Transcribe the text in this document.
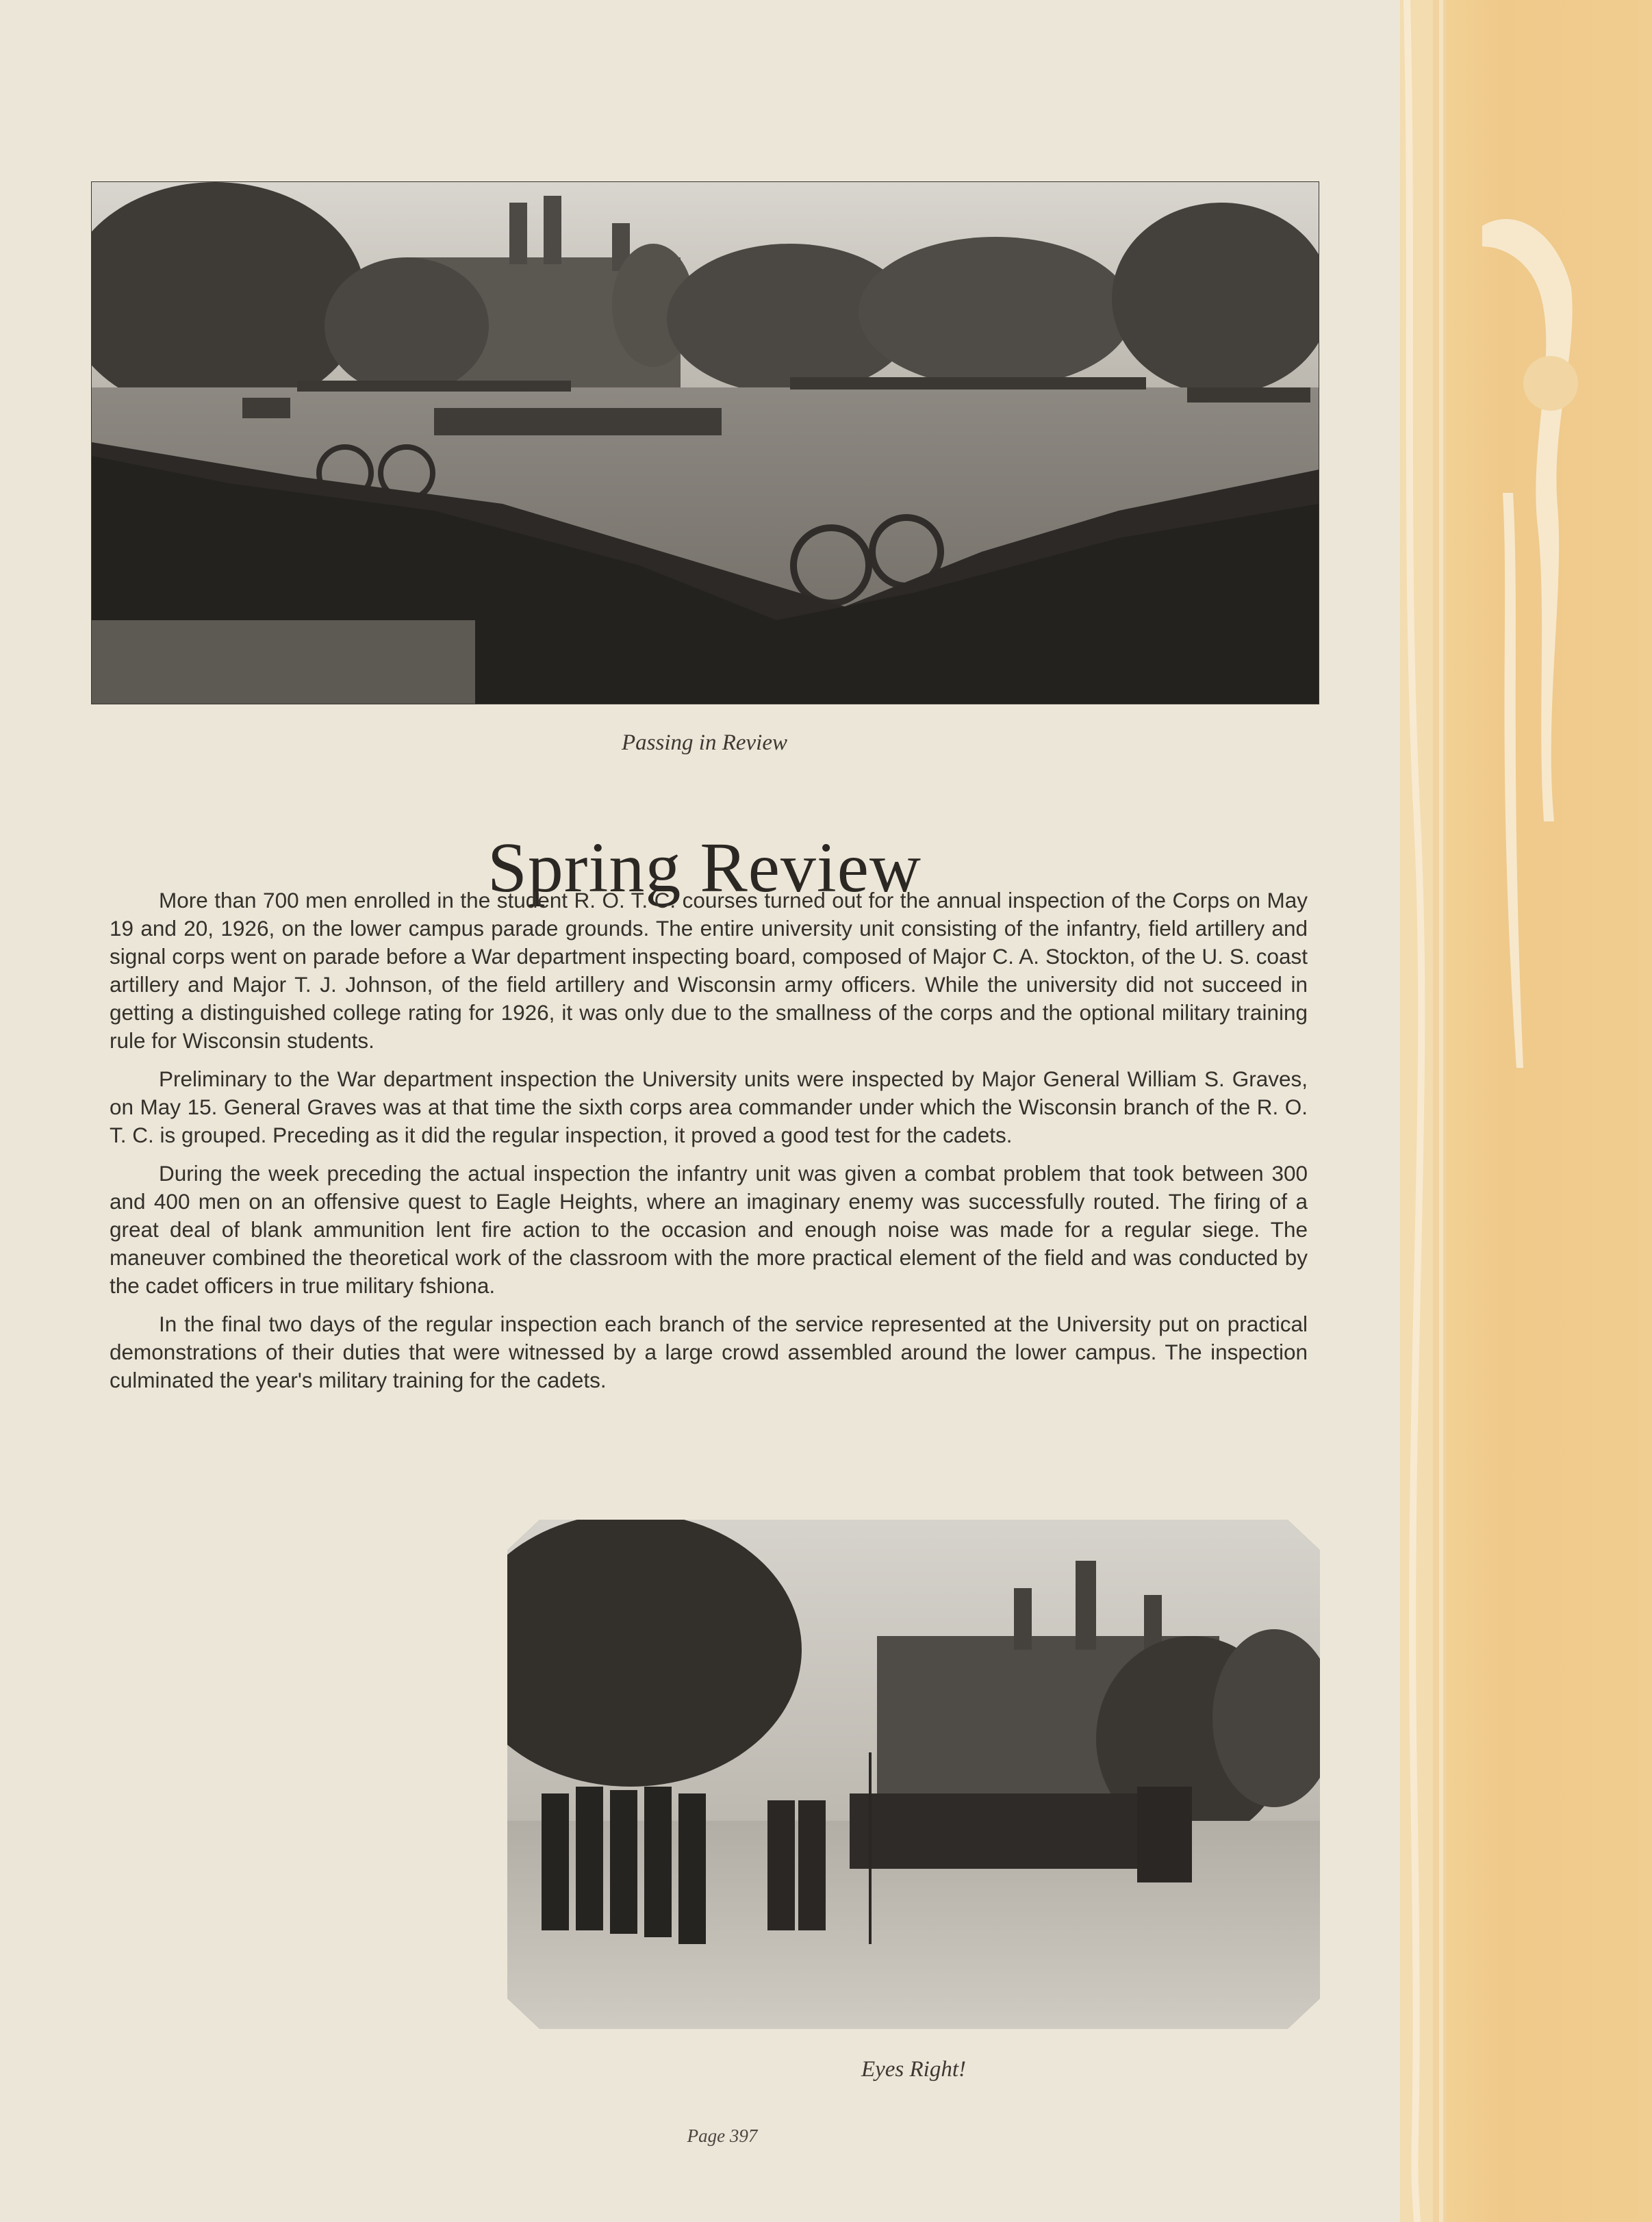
Passing in Review
Spring Review

More than 700 men enrolled in the student R. O. T. C. courses turned out for the annual inspection of the Corps on May 19 and 20, 1926, on the lower campus parade grounds. The entire university unit consisting of the infantry, field artillery and signal corps went on parade before a War department inspecting board, composed of Major C. A. Stockton, of the U. S. coast artillery and Major T. J. Johnson, of the field artillery and Wisconsin army officers. While the university did not succeed in getting a distinguished college rating for 1926, it was only due to the smallness of the corps and the optional military training rule for Wisconsin students.

Preliminary to the War department inspection the University units were inspected by Major General William S. Graves, on May 15. General Graves was at that time the sixth corps area commander under which the Wisconsin branch of the R. O. T. C. is grouped. Preceding as it did the regular inspection, it proved a good test for the cadets.

During the week preceding the actual inspection the infantry unit was given a combat problem that took between 300 and 400 men on an offensive quest to Eagle Heights, where an imaginary enemy was successfully routed. The firing of a great deal of blank ammunition lent fire action to the occasion and enough noise was made for a regular siege. The maneuver combined the theoretical work of the classroom with the more practical element of the field and was conducted by the cadet officers in true military fshiona.

In the final two days of the regular inspection each branch of the service represented at the University put on practical demonstrations of their duties that were witnessed by a large crowd assembled around the lower campus. The inspection culminated the year's military training for the cadets.

Eyes Right!
Page 397
